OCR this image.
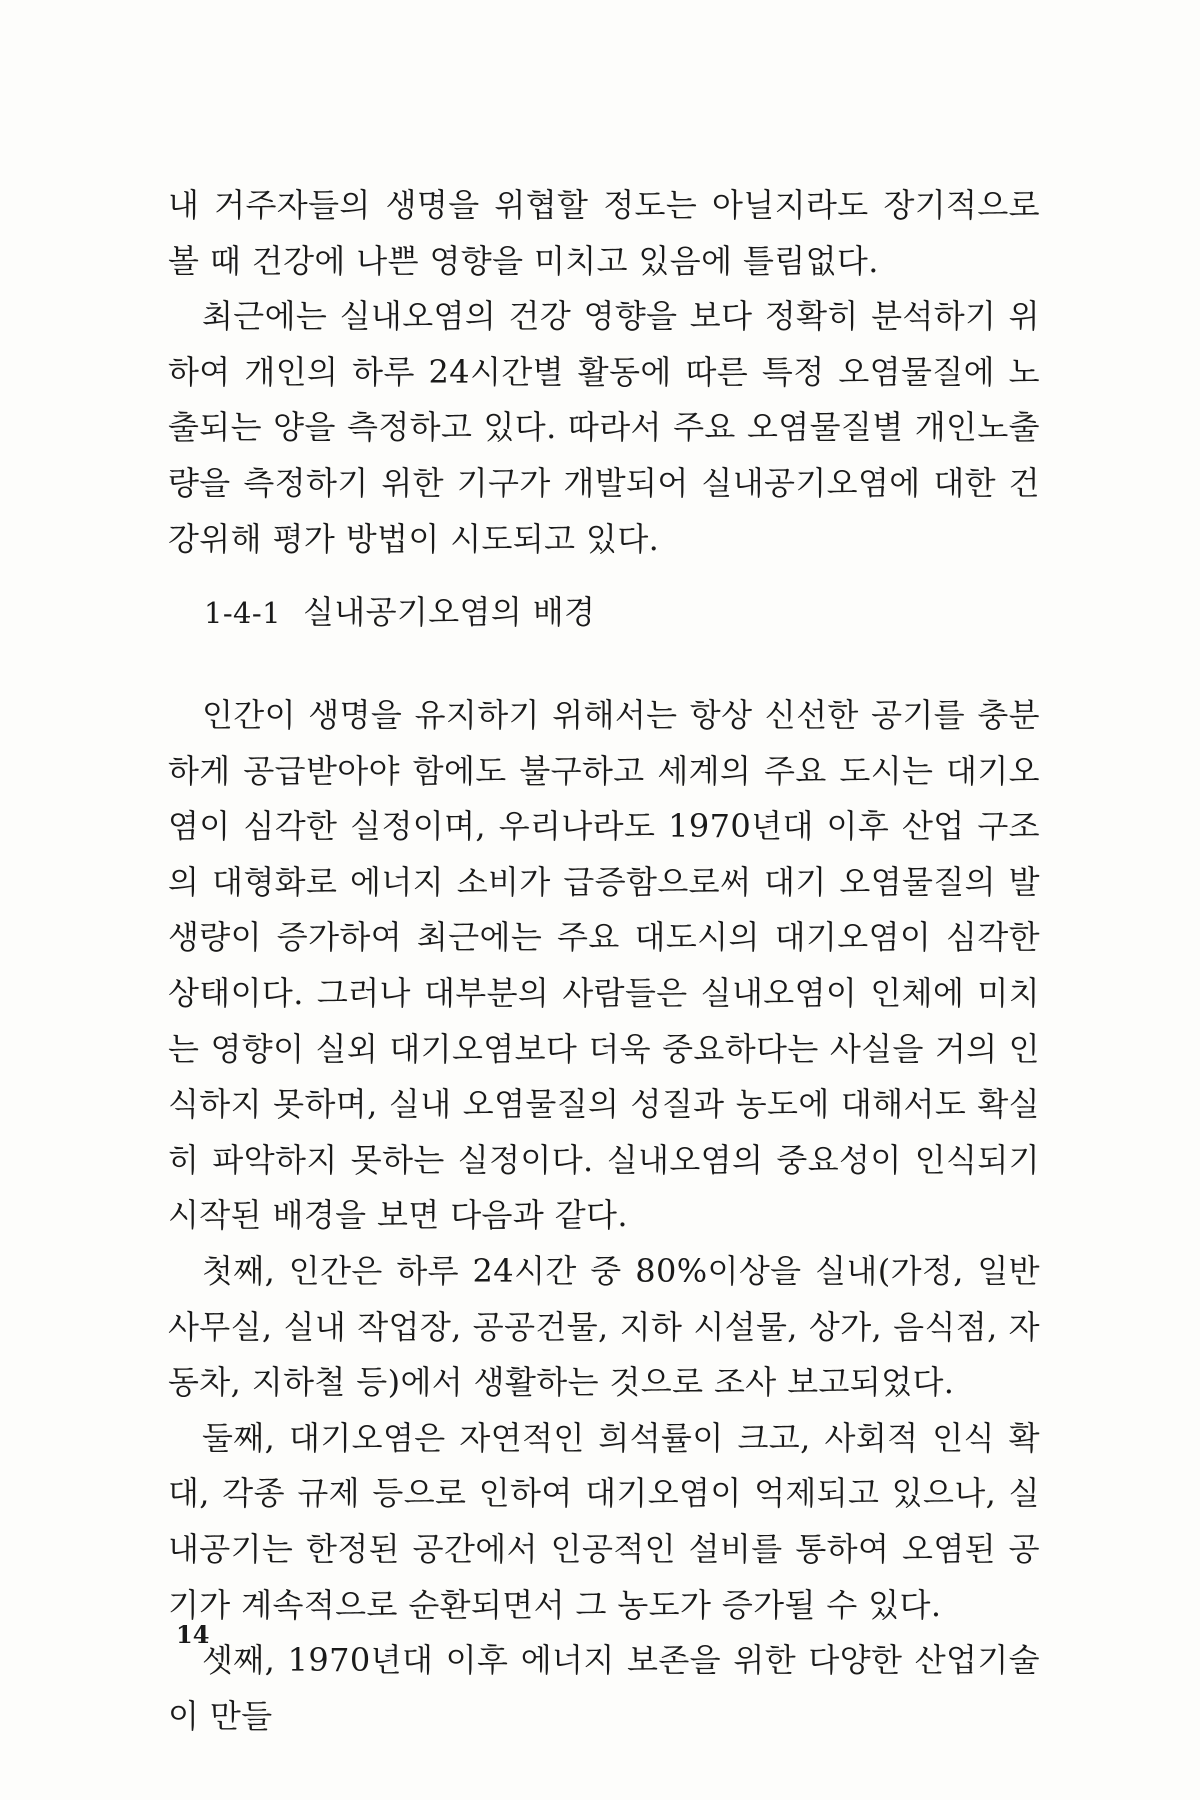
내 거주자들의 생명을 위협할 정도는 아닐지라도 장기적으로 볼 때 건강에 나쁜 영향을 미치고 있음에 틀림없다.

최근에는 실내오염의 건강 영향을 보다 정확히 분석하기 위하여 개인의 하루 24시간별 활동에 따른 특정 오염물질에 노출되는 양을 측정하고 있다. 따라서 주요 오염물질별 개인노출량을 측정하기 위한 기구가 개발되어 실내공기오염에 대한 건강위해 평가 방법이 시도되고 있다.

1-4-1 실내공기오염의 배경

인간이 생명을 유지하기 위해서는 항상 신선한 공기를 충분하게 공급받아야 함에도 불구하고 세계의 주요 도시는 대기오염이 심각한 실정이며, 우리나라도 1970년대 이후 산업 구조의 대형화로 에너지 소비가 급증함으로써 대기 오염물질의 발생량이 증가하여 최근에는 주요 대도시의 대기오염이 심각한 상태이다. 그러나 대부분의 사람들은 실내오염이 인체에 미치는 영향이 실외 대기오염보다 더욱 중요하다는 사실을 거의 인식하지 못하며, 실내 오염물질의 성질과 농도에 대해서도 확실히 파악하지 못하는 실정이다. 실내오염의 중요성이 인식되기 시작된 배경을 보면 다음과 같다.

첫째, 인간은 하루 24시간 중 80%이상을 실내(가정, 일반 사무실, 실내 작업장, 공공건물, 지하 시설물, 상가, 음식점, 자동차, 지하철 등)에서 생활하는 것으로 조사 보고되었다.

둘째, 대기오염은 자연적인 희석률이 크고, 사회적 인식 확대, 각종 규제 등으로 인하여 대기오염이 억제되고 있으나, 실내공기는 한정된 공간에서 인공적인 설비를 통하여 오염된 공기가 계속적으로 순환되면서 그 농도가 증가될 수 있다.

셋째, 1970년대 이후 에너지 보존을 위한 다양한 산업기술이 만들

14
